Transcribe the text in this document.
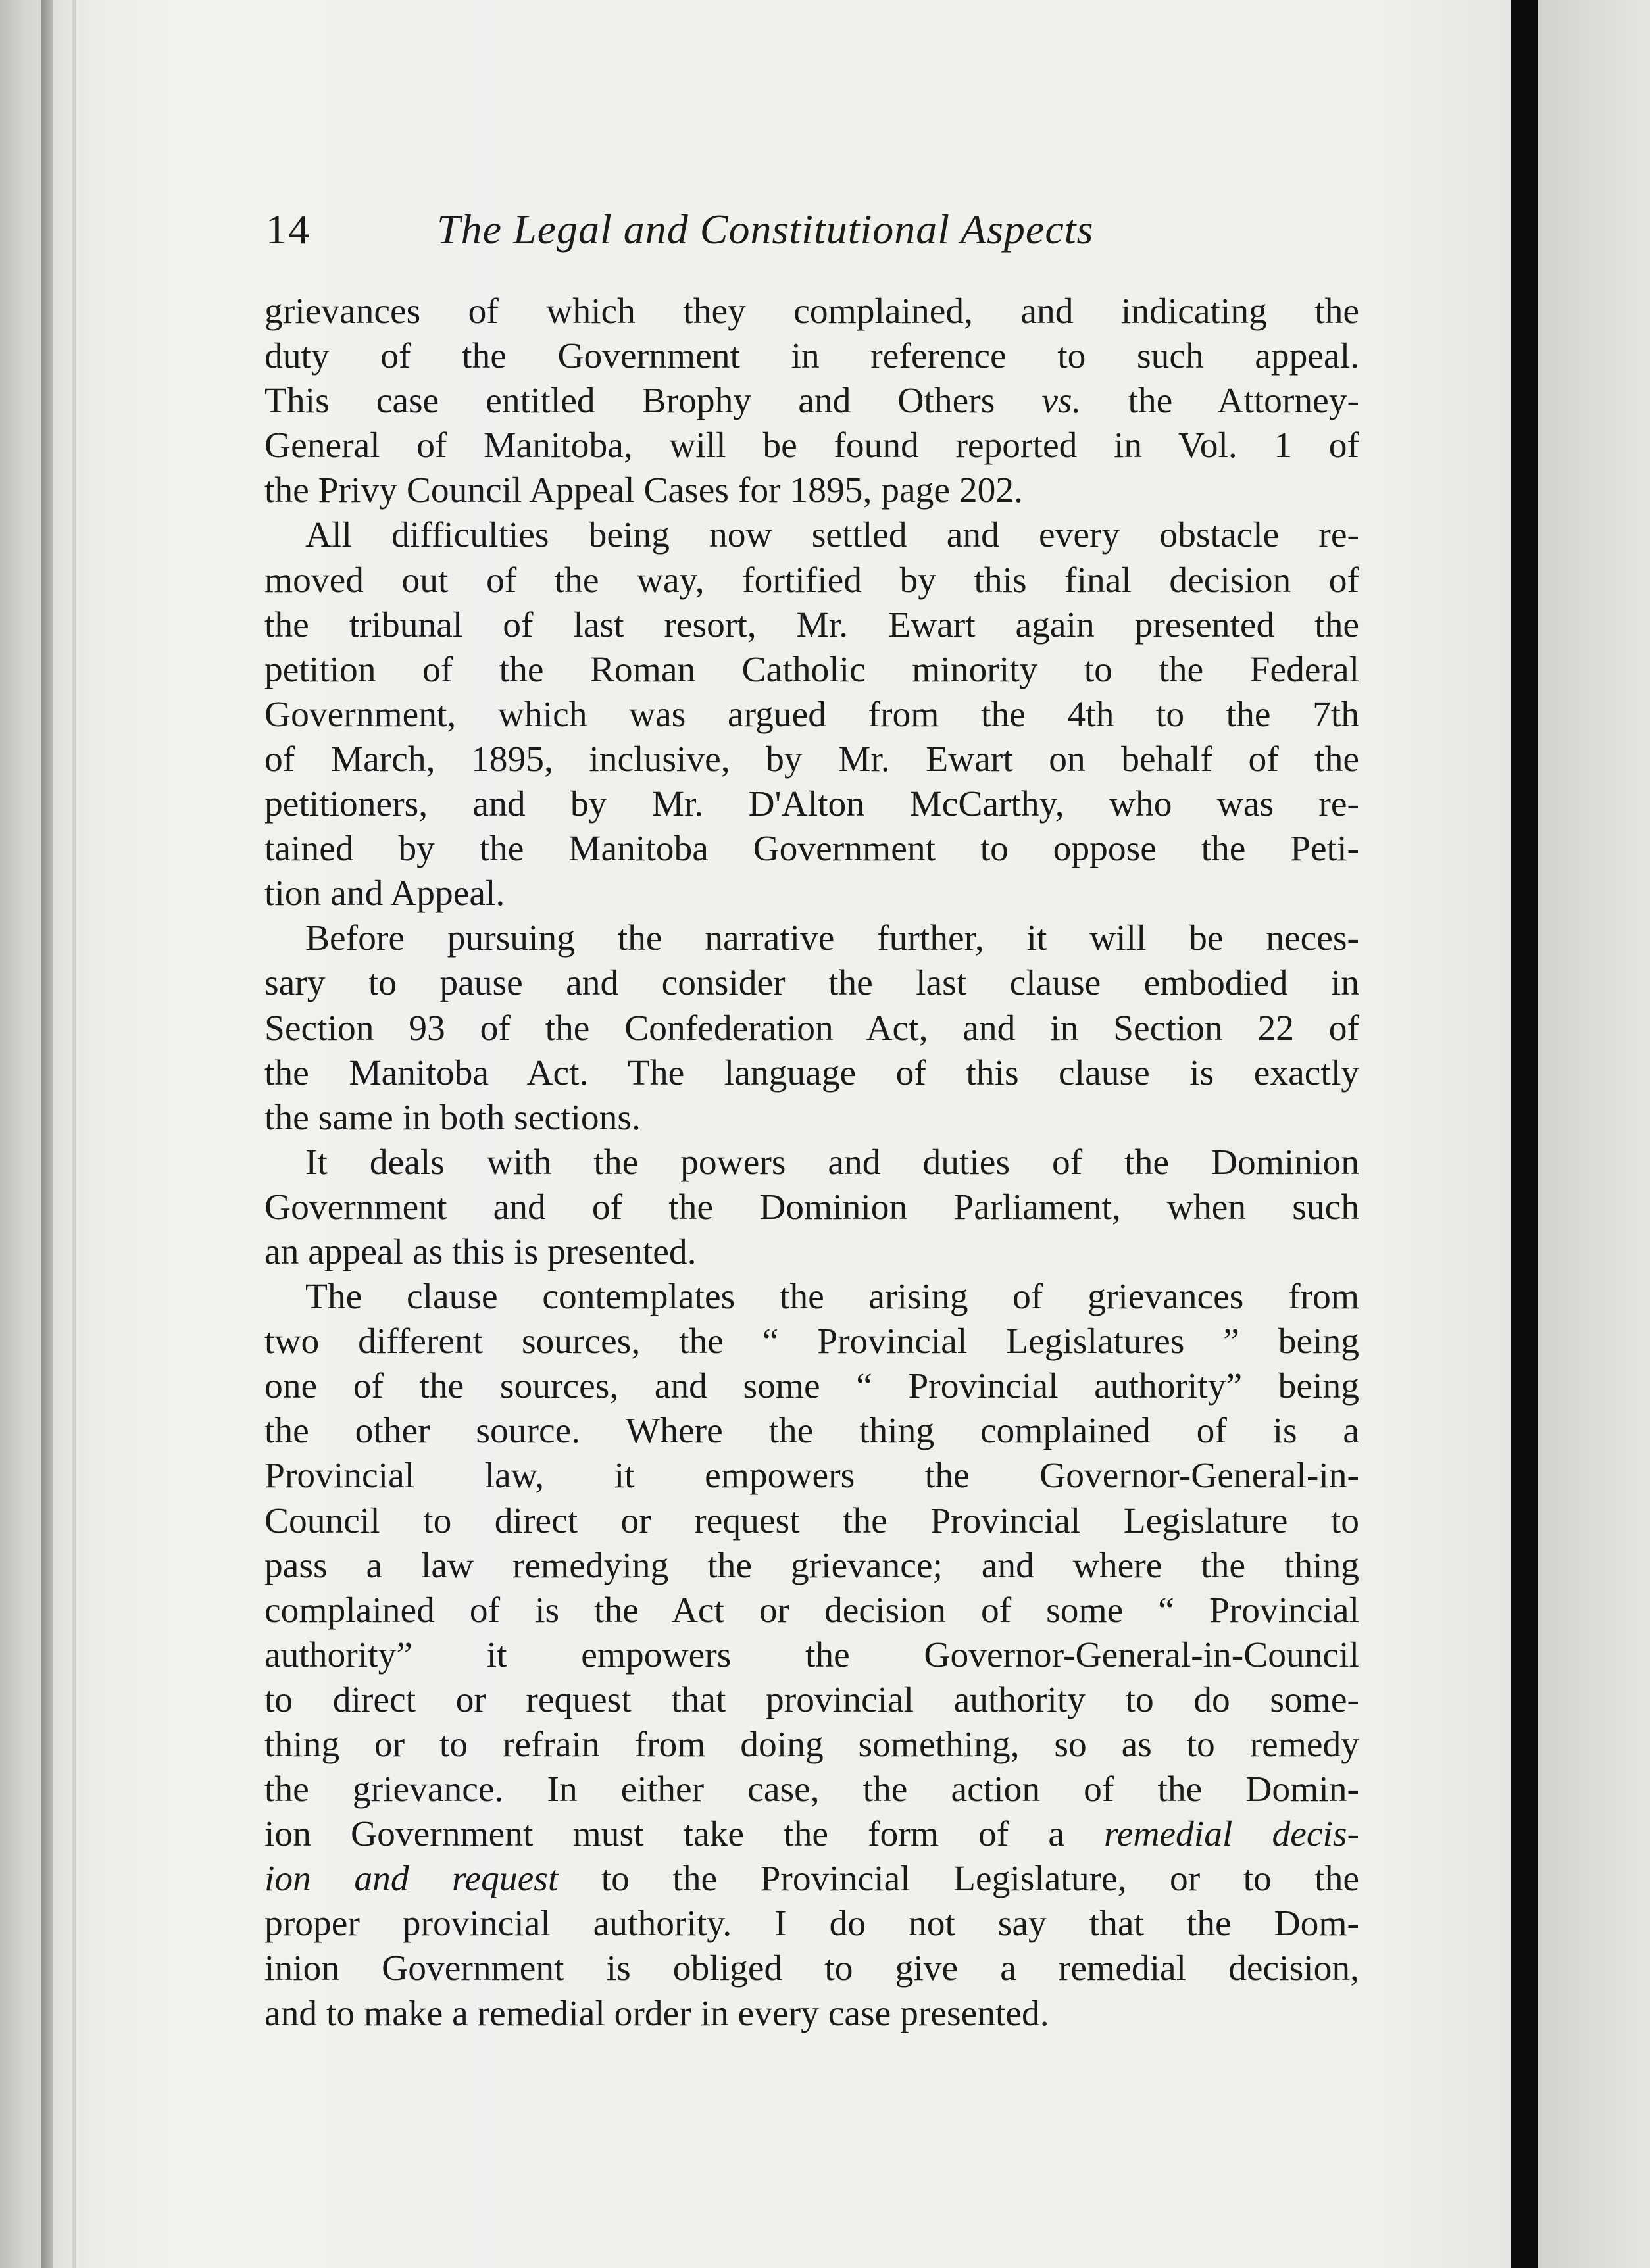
14	The Legal and Constitutional Aspects

grievances of which they complained, and indicating the
duty of the Government in reference to such appeal.
This case entitled Brophy and Others vs. the Attorney-
General of Manitoba, will be found reported in Vol. 1 of
the Privy Council Appeal Cases for 1895, page 202.

All difficulties being now settled and every obstacle re-
moved out of the way, fortified by this final decision of
the tribunal of last resort, Mr. Ewart again presented the
petition of the Roman Catholic minority to the Federal
Government, which was argued from the 4th to the 7th
of March, 1895, inclusive, by Mr. Ewart on behalf of the
petitioners, and by Mr. D'Alton McCarthy, who was re-
tained by the Manitoba Government to oppose the Peti-
tion and Appeal.

Before pursuing the narrative further, it will be neces-
sary to pause and consider the last clause embodied in
Section 93 of the Confederation Act, and in Section 22 of
the Manitoba Act. The language of this clause is exactly
the same in both sections.

It deals with the powers and duties of the Dominion
Government and of the Dominion Parliament, when such
an appeal as this is presented.

The clause contemplates the arising of grievances from
two different sources, the “ Provincial Legislatures ” being
one of the sources, and some “ Provincial authority” being
the other source. Where the thing complained of is a
Provincial law, it empowers the Governor-General-in-
Council to direct or request the Provincial Legislature to
pass a law remedying the grievance; and where the thing
complained of is the Act or decision of some “ Provincial
authority” it empowers the Governor-General-in-Council
to direct or request that provincial authority to do some-
thing or to refrain from doing something, so as to remedy
the grievance. In either case, the action of the Domin-
ion Government must take the form of a remedial decis-
ion and request to the Provincial Legislature, or to the
proper provincial authority. I do not say that the Dom-
inion Government is obliged to give a remedial decision,
and to make a remedial order in every case presented.
